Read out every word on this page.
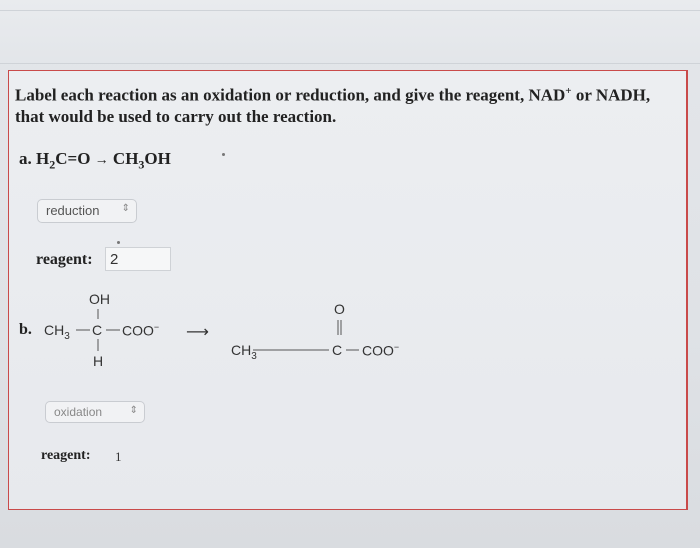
Label each reaction as an oxidation or reduction, and give the reagent, NAD+ or NADH,
that would be used to carry out the reaction.
a. $H_2C=O \to CH_3OH$
reduction ⇕
reagent:	2
b.
OH
$CH_3$ C COO−
H
⟶
O
$CH_3$	C COO−
oxidation	⇕
reagent: 1
